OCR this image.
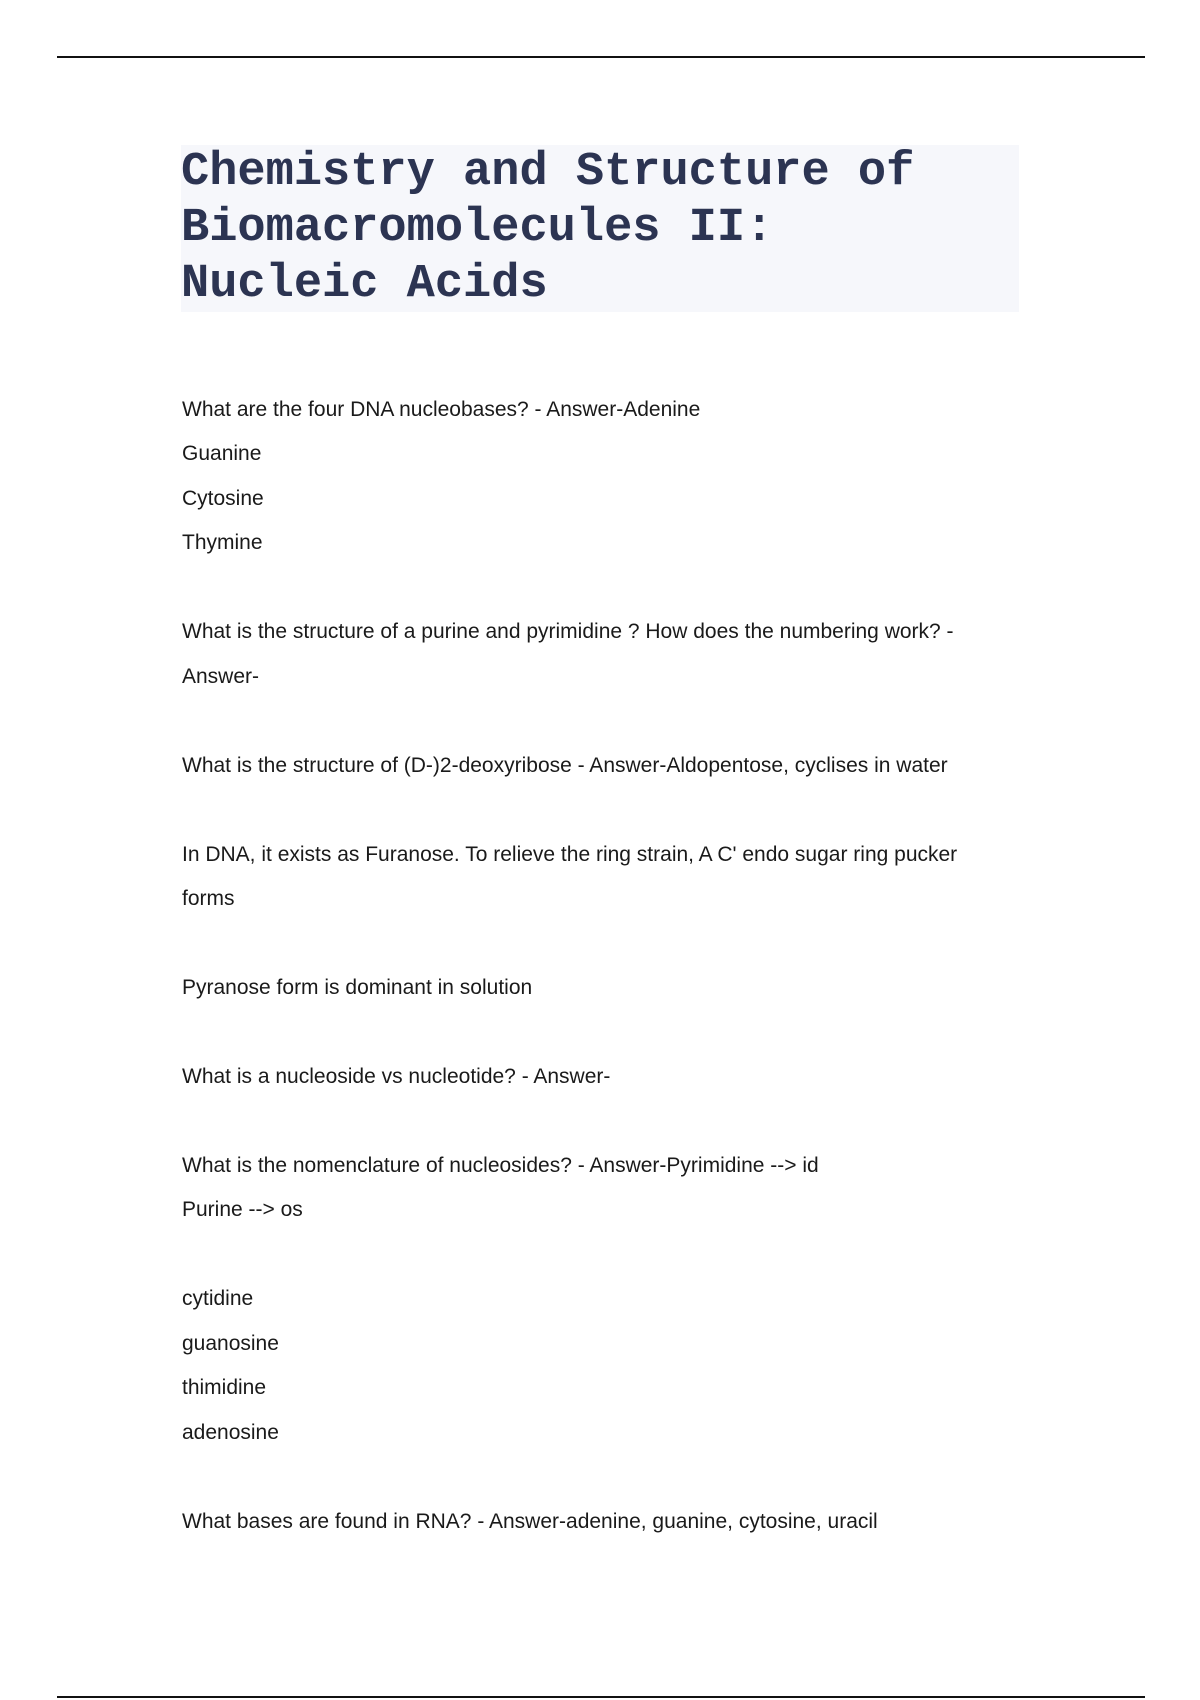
Chemistry and Structure of
Biomacromolecules II:
Nucleic Acids
What are the four DNA nucleobases? - Answer-Adenine
Guanine
Cytosine
Thymine
What is the structure of a purine and pyrimidine ? How does the numbering work? -
Answer-
What is the structure of (D-)2-deoxyribose - Answer-Aldopentose, cyclises in water
In DNA, it exists as Furanose. To relieve the ring strain, A C' endo sugar ring pucker
forms
Pyranose form is dominant in solution
What is a nucleoside vs nucleotide? - Answer-
What is the nomenclature of nucleosides? - Answer-Pyrimidine --> id
Purine --> os
cytidine
guanosine
thimidine
adenosine
What bases are found in RNA? - Answer-adenine, guanine, cytosine, uracil
